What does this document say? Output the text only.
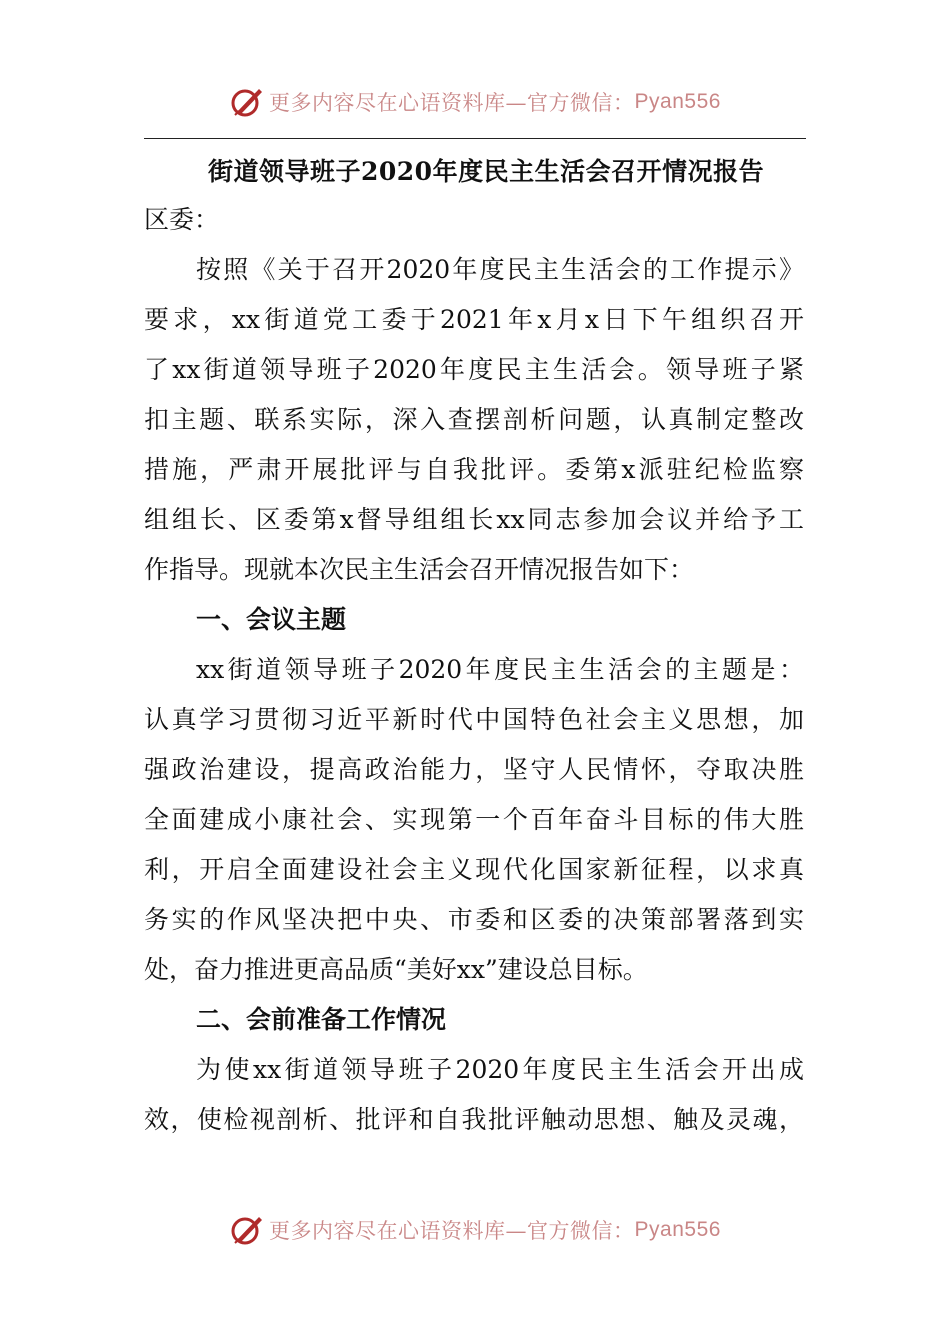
更多内容尽在心语资料库—官方微信： Pyan556
街道领导班子2020年度民主生活会召开情况报告
区委：
按照《关于召开2020年度民主生活会的工作提示》
要求，xx街道党工委于2021年x月x日下午组织召开
了xx街道领导班子2020年度民主生活会。领导班子紧
扣主题、联系实际，深入查摆剖析问题，认真制定整改
措施，严肃开展批评与自我批评。委第x派驻纪检监察
组组长、区委第x督导组组长xx同志参加会议并给予工
作指导。现就本次民主生活会召开情况报告如下：
一、会议主题
xx街道领导班子2020年度民主生活会的主题是：
认真学习贯彻习近平新时代中国特色社会主义思想，加
强政治建设，提高政治能力，坚守人民情怀，夺取决胜
全面建成小康社会、实现第一个百年奋斗目标的伟大胜
利，开启全面建设社会主义现代化国家新征程，以求真
务实的作风坚决把中央、市委和区委的决策部署落到实
处，奋力推进更高品质“美好xx”建设总目标。
二、会前准备工作情况
为使xx街道领导班子2020年度民主生活会开出成
效，使检视剖析、批评和自我批评触动思想、触及灵魂，
更多内容尽在心语资料库—官方微信： Pyan556
